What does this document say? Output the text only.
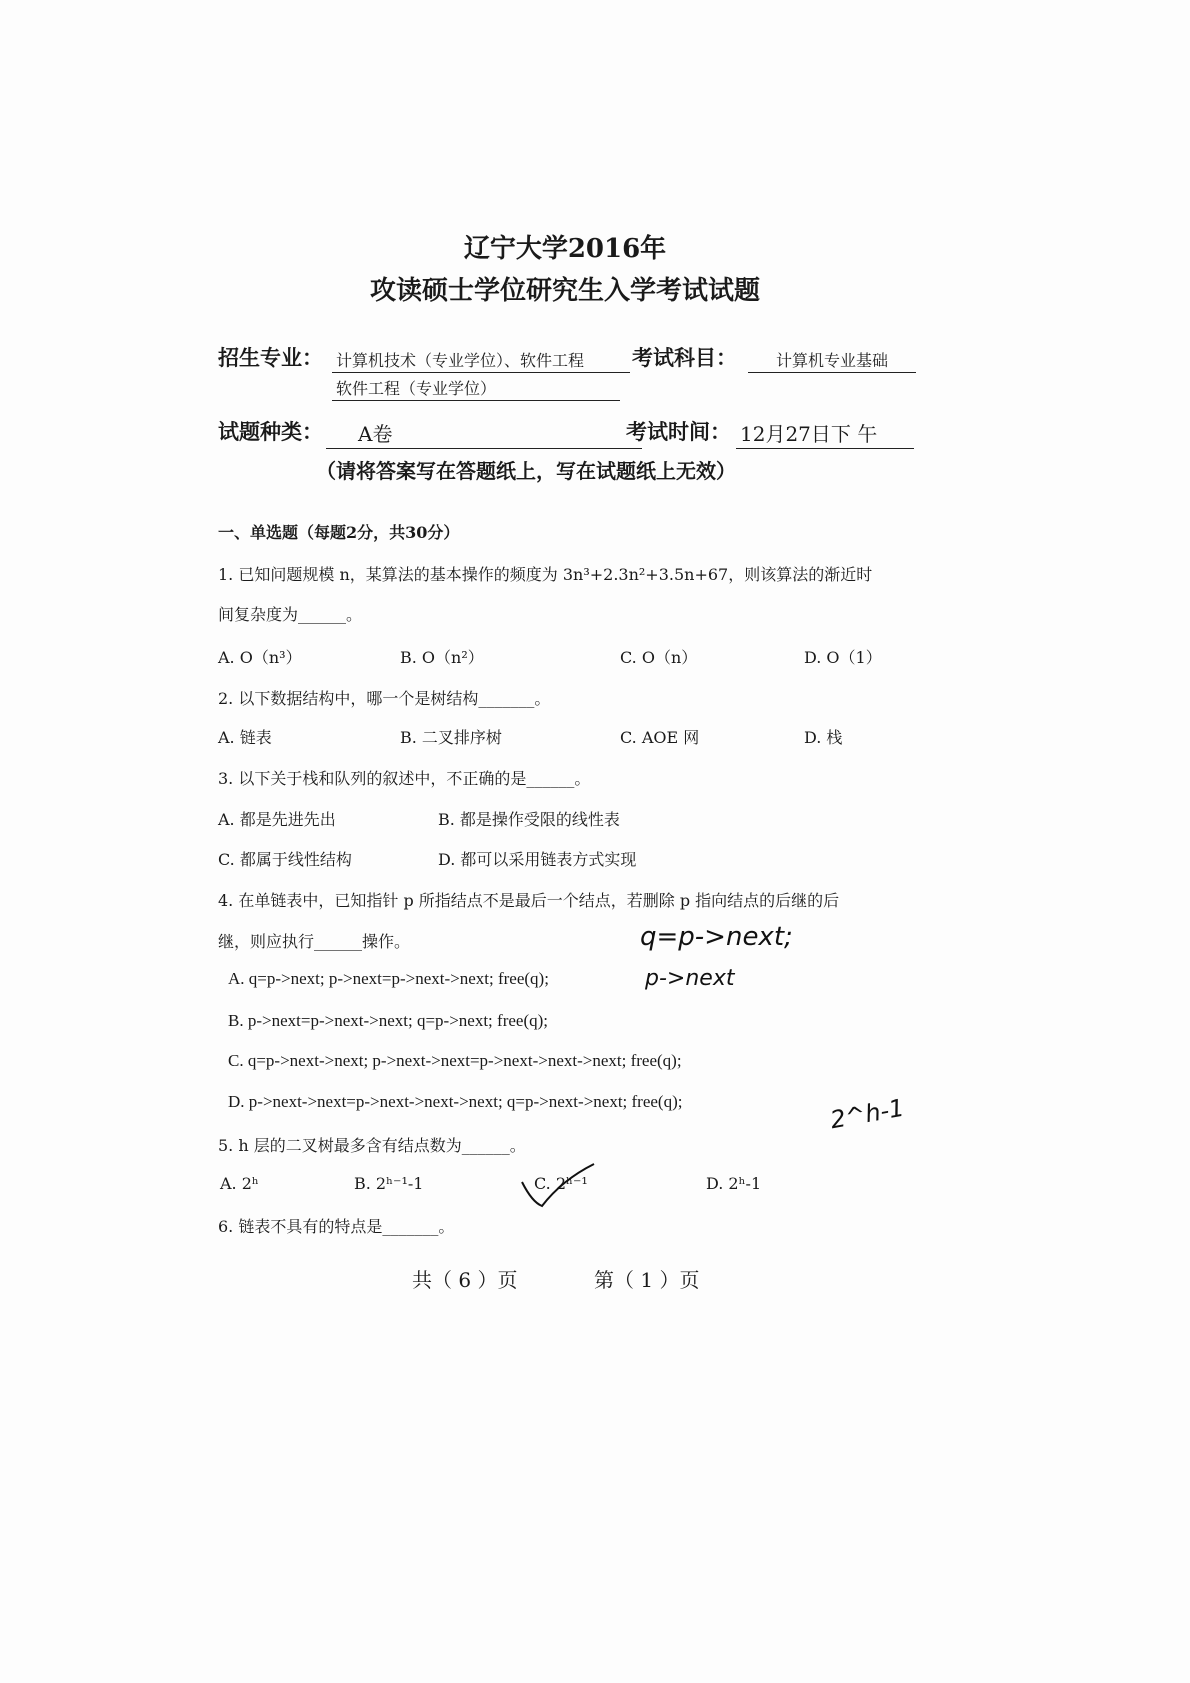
辽宁大学2016年
攻读硕士学位研究生入学考试试题
招生专业： 计算机技术（专业学位）、软件工程
软件工程（专业学位）
考试科目：	计算机专业基础
试题种类：	A卷	考试时间： 12月27日下 午
（请将答案写在答题纸上，写在试题纸上无效）
一、单选题（每题2分，共30分）
1. 已知问题规模 n，某算法的基本操作的频度为 3n³+2.3n²+3.5n+67，则该算法的渐近时
间复杂度为______。
A. O（n³）	B. O（n²）	C. O（n）	D. O（1）
2. 以下数据结构中，哪一个是树结构_______。
A. 链表	B. 二叉排序树	C. AOE 网	D. 栈
3. 以下关于栈和队列的叙述中，不正确的是______。
A. 都是先进先出	B. 都是操作受限的线性表
C. 都属于线性结构	D. 都可以采用链表方式实现
4. 在单链表中，已知指针 p 所指结点不是最后一个结点，若删除 p 指向结点的后继的后
继，则应执行______操作。
A. q=p->next; p->next=p->next->next; free(q);
B. p->next=p->next->next; q=p->next; free(q);
C. q=p->next->next; p->next->next=p->next->next->next; free(q);
D. p->next->next=p->next->next->next; q=p->next->next; free(q);
5. h 层的二叉树最多含有结点数为______。
A. 2ʰ	B. 2ʰ⁻¹-1	C. 2ʰ⁻¹	D. 2ʰ-1
6. 链表不具有的特点是_______。
q=p->next;
p->next
2^h-1
共（ 6 ）页	第（ 1 ）页
